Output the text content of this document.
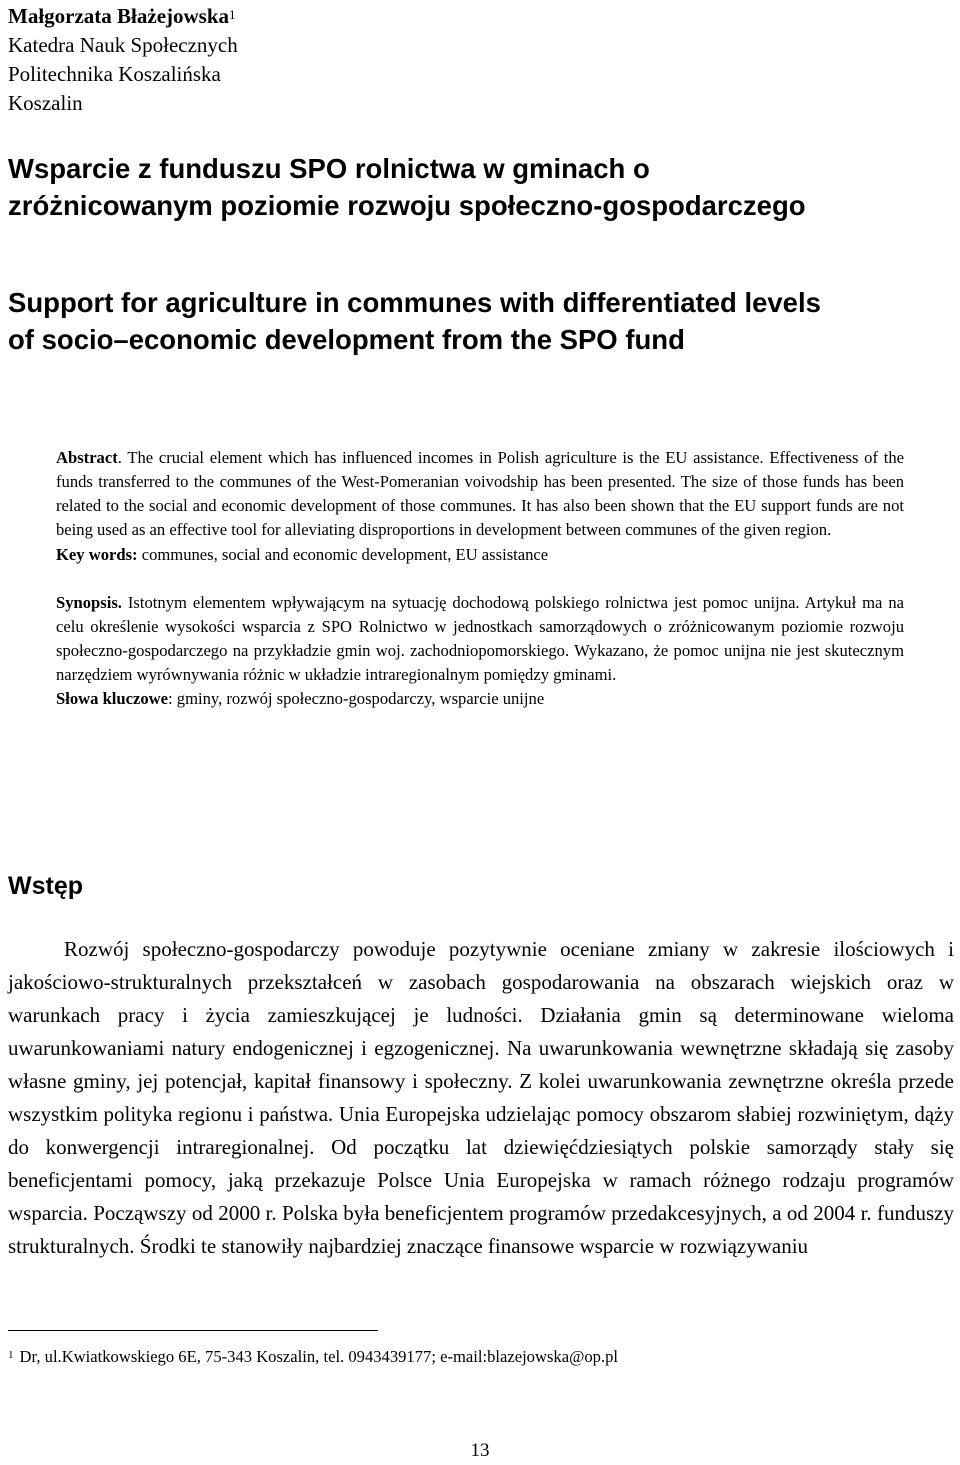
Małgorzata Błażejowska$^1$
Katedra Nauk Społecznych
Politechnika Koszalińska
Koszalin
Wsparcie z funduszu SPO rolnictwa w gminach o
zróżnicowanym poziomie rozwoju społeczno-gospodarczego
Support for agriculture in communes with differentiated levels
of socio–economic development from the SPO fund
Abstract. The crucial element which has influenced incomes in Polish agriculture is the EU assistance. Effectiveness of the funds transferred to the communes of the West-Pomeranian voivodship has been presented. The size of those funds has been related to the social and economic development of those communes. It has also been shown that the EU support funds are not being used as an effective tool for alleviating disproportions in development between communes of the given region.
Key words: communes, social and economic development, EU assistance
Synopsis. Istotnym elementem wpływającym na sytuację dochodową polskiego rolnictwa jest pomoc unijna. Artykuł ma na celu określenie wysokości wsparcia z SPO Rolnictwo w jednostkach samorządowych o zróżnicowanym poziomie rozwoju społeczno-gospodarczego na przykładzie gmin woj. zachodniopomorskiego. Wykazano, że pomoc unijna nie jest skutecznym narzędziem wyrównywania różnic w układzie intraregionalnym pomiędzy gminami.
Słowa kluczowe: gminy, rozwój społeczno-gospodarczy, wsparcie unijne
Wstęp
Rozwój społeczno-gospodarczy powoduje pozytywnie oceniane zmiany w zakresie ilościowych i jakościowo-strukturalnych przekształceń w zasobach gospodarowania na obszarach wiejskich oraz w warunkach pracy i życia zamieszkującej je ludności. Działania gmin są determinowane wieloma uwarunkowaniami natury endogenicznej i egzogenicznej. Na uwarunkowania wewnętrzne składają się zasoby własne gminy, jej potencjał, kapitał finansowy i społeczny. Z kolei uwarunkowania zewnętrzne określa przede wszystkim polityka regionu i państwa. Unia Europejska udzielając pomocy obszarom słabiej rozwiniętym, dąży do konwergencji intraregionalnej. Od początku lat dziewięćdziesiątych polskie samorządy stały się beneficjentami pomocy, jaką przekazuje Polsce Unia Europejska w ramach różnego rodzaju programów wsparcia. Począwszy od 2000 r. Polska była beneficjentem programów przedakcesyjnych, a od 2004 r. funduszy strukturalnych. Środki te stanowiły najbardziej znaczące finansowe wsparcie w rozwiązywaniu
$^1$ Dr, ul.Kwiatkowskiego 6E, 75-343 Koszalin, tel. 0943439177; e-mail:blazejowska@op.pl
13
